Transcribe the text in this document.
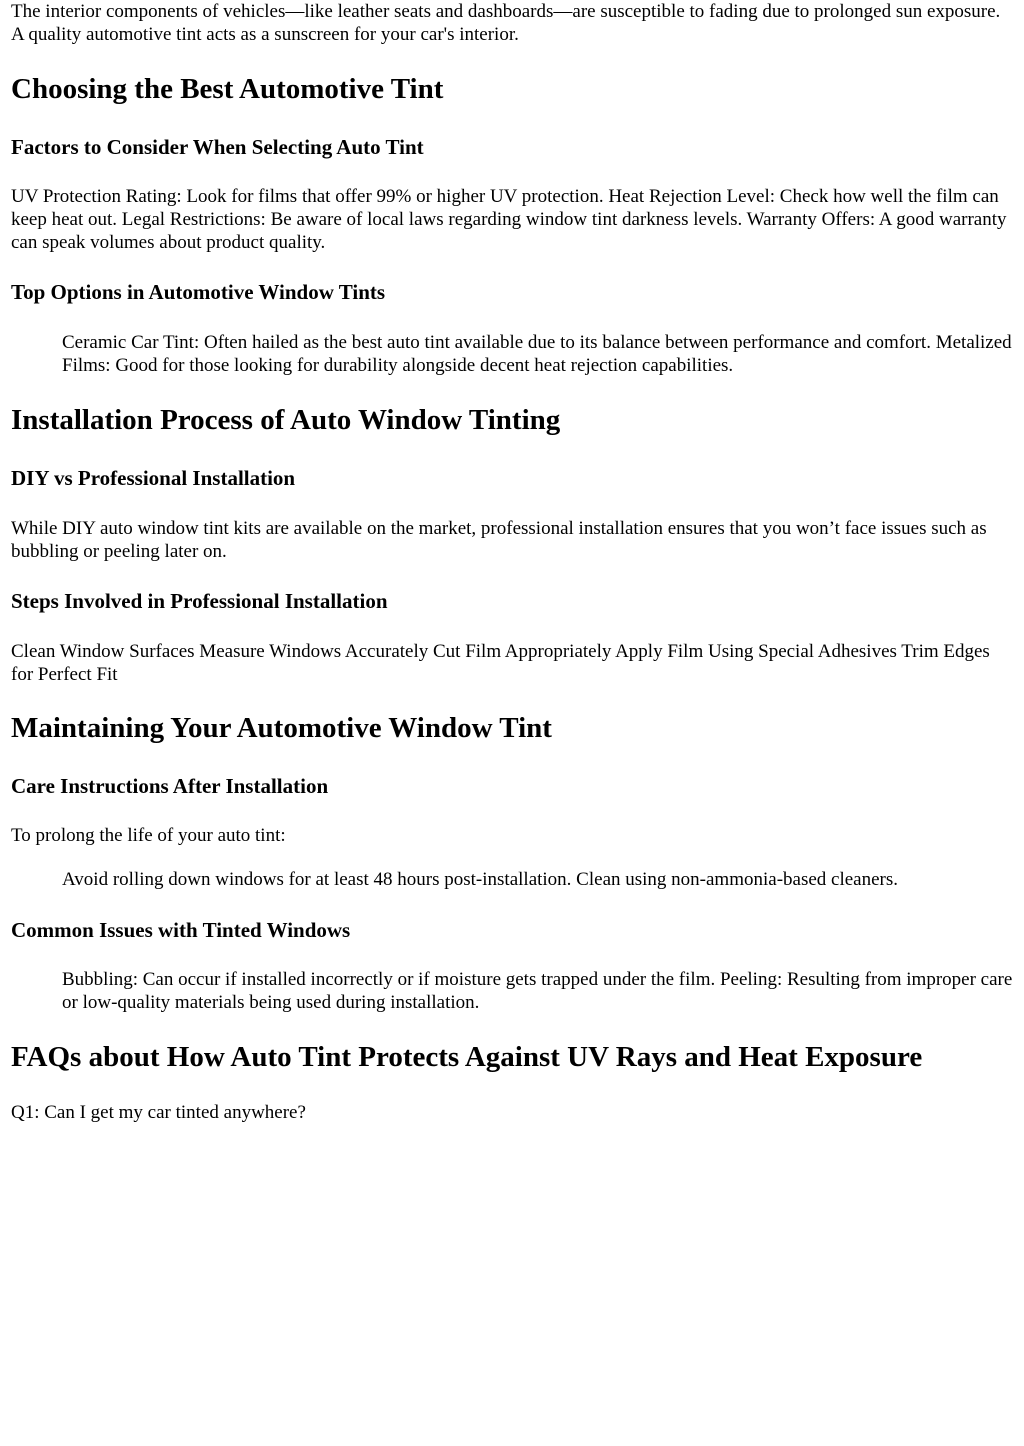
The interior components of vehicles—like leather seats and dashboards—are susceptible to fading due to prolonged sun exposure. A quality automotive tint acts as a sunscreen for your car's interior.

Choosing the Best Automotive Tint
Factors to Consider When Selecting Auto Tint

UV Protection Rating: Look for films that offer 99% or higher UV protection. Heat Rejection Level: Check how well the film can keep heat out. Legal Restrictions: Be aware of local laws regarding window tint darkness levels. Warranty Offers: A good warranty can speak volumes about product quality.

Top Options in Automotive Window Tints

Ceramic Car Tint: Often hailed as the best auto tint available due to its balance between performance and comfort. Metalized Films: Good for those looking for durability alongside decent heat rejection capabilities.

Installation Process of Auto Window Tinting
DIY vs Professional Installation

While DIY auto window tint kits are available on the market, professional installation ensures that you won’t face issues such as bubbling or peeling later on.

Steps Involved in Professional Installation

Clean Window Surfaces Measure Windows Accurately Cut Film Appropriately Apply Film Using Special Adhesives Trim Edges for Perfect Fit

Maintaining Your Automotive Window Tint
Care Instructions After Installation

To prolong the life of your auto tint:

Avoid rolling down windows for at least 48 hours post-installation. Clean using non-ammonia-based cleaners.

Common Issues with Tinted Windows

Bubbling: Can occur if installed incorrectly or if moisture gets trapped under the film. Peeling: Resulting from improper care or low-quality materials being used during installation.

FAQs about How Auto Tint Protects Against UV Rays and Heat Exposure

Q1: Can I get my car tinted anywhere?
